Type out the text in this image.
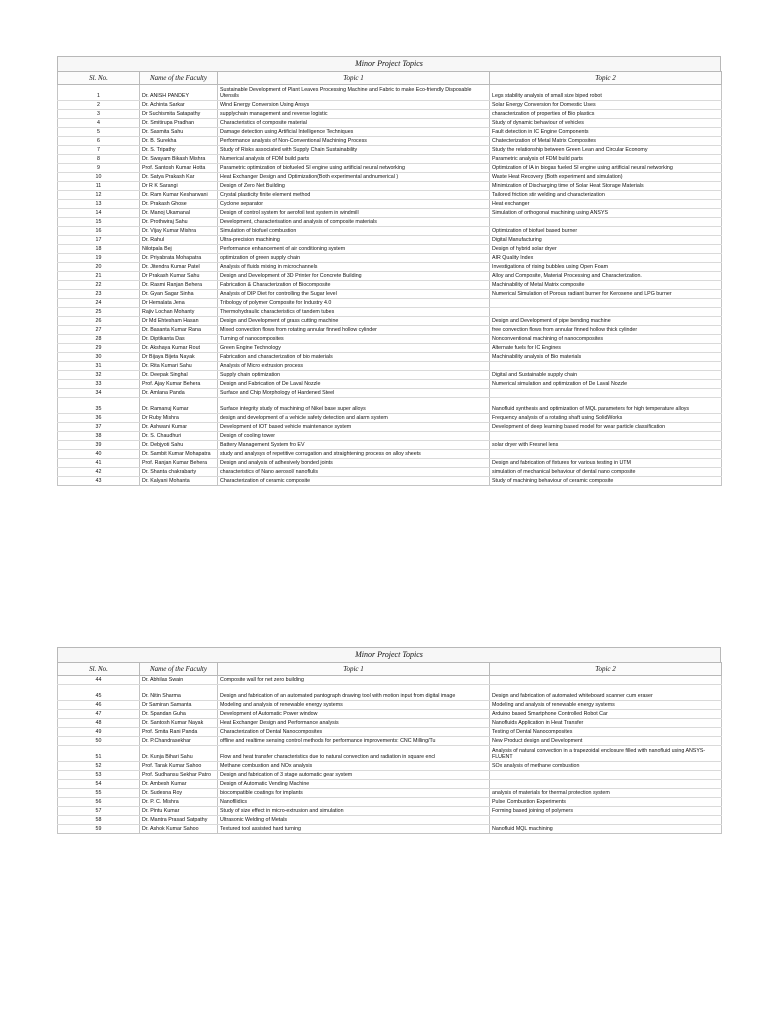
Minor Project Topics
Sl. No.	Name of the Faculty	Topic 1	Topic 2
1	Dr. ANISH PANDEY	Sustainable Development of Plant Leaves Processing Machine and Fabric to make Eco-friendly Disposable Utensils	Legs stability analysis of small size biped robot
2	Dr. Achinta Sarkar	Wind Energy Conversion Using Ansys	Solar Energy Conversion for Domestic Uses
3	Dr Suchismita Satapathy	supplychain management and reverse logistic	characterization of properties of Bio plastics
4	Dr. Smitirupa Pradhan	Characteristics of composite material	Study of dynamic behaviour of vehicles
5	Dr. Sasmita Sahu	Damage detection using Artificial Intelligence Techniques	Fault detection in IC Engine Components
6	Dr. B. Surekha	Performance analysis of Non-Conventional Machining Process	Chatecterization of Metal Matrix Composites
7	Dr. S. Tripathy	Study of Risks associated with Supply Chain Sustainability	Study the relationship between Green Lean and Circular Economy
8	Dr. Swayam Bikash Mishra	Numerical analysis of FDM build parts	Parametric analysis of FDM build parts
9	Prof. Santosh Kumar Hotta	Parametric optimization of biofueled SI engine using artificial neural networking	Optimization of IA in biogas fueled SI engine using artificial neural networking
10	Dr. Satya Prakash Kar	Heat Exchanger Design and Optimization(Both experimental andnumerical )	Waste Heat Recovery (Both experiment and simulation)
11	Dr R K Sarangi	Design of Zero Net Building	Minimization of Discharging time of Solar Heat Storage Materials
12	Dr. Ram Kumar Kesharwani	Crystal plasticity finite element method	Tailored friction stir welding and characterization
13	Dr. Prakash Ghose	Cyclone separator	Heat exchanger
14	Dr. Manoj Ukamanal	Design of control system for aerofoil test system in windmill	Simulation of orthogonal machining using ANSYS
15	Dr. Prothwiraj Sahu	Development, characterisation and analysis of composite materials	
16	Dr. Vijay Kumar Mishra	Simulation of biofuel combustion	Optimization of biofuel based burner
17	Dr. Rahul	Ultra-precision machining	Digital Manufacturing
18	Nilotpala Bej	Performance enhancement of air conditioning system	Design of hybrid solar dryer
19	Dr. Priyabrata Mohapatra	optimization of green supply chain	AIR Quality Index
20	Dr. Jitendra Kumar Patel	Analysis of fluids mixing in microchannels	Investigations of rising bubbles using Open Foam
21	Dr Prakash Kumar Sahu	Design and Development of 3D Printer for Concrete Building	Alloy and Composite, Material Processing and Characterization.
22	Dr. Rasmi Ranjan Behera	Fabrication & Characterization of Biocomposite	Machinability of Metal Matrix composite
23	Dr. Gyan Sagar Sinha	Analysis of DIP Diet for controlling the Sugar level	Numerical Simulation of Porous radiant burner for Kerosene and LPG burner
24	Dr Hemalata Jena	Tribology of polymer Composite for Industry 4.0	
25	Rajiv Lochan Mohanty	Thermohydraulic characteristics of tandem tubes	
26	Dr Md Ehtesham Hasan	Design and Development of grass cutting machine	Design and Development of pipe bending machine
27	Dr. Basanta Kumar Rana	Mixed convection flows from rotating annular finned hollow cylinder	free convection flows from annular finned hollow thick cylinder
28	Dr. Diptikanta Das	Turning of nanocomposites	Nonconventional machining of nanocomposites
29	Dr. Akshaya Kumar Rout	Green Engine Technology	Alternate fuels for IC Engines
30	Dr Bijaya Bijeta Nayak	Fabrication and characterization of bio materials	Machinability analysis of Bio materials
31	Dr. Rita Kumari Sahu	Analysis of Micro extrusion process	
32	Dr. Deepak Singhal	Supply chain optimization	Digital and Sustainable supply chain
33	Prof. Ajay Kumar Behera	Design and Fabrication of De Laval Nozzle	Numerical simulation and optimization of De Laval Nozzle
34	Dr. Amlana Panda	Surface and Chip Morphology of Hardened Steel	
35	Dr. Ramanuj Kumar	Surface integrity study of machining of Nikel base super alloys	Nanofluid synthesis and optimization of MQL parameters for high temperature alloys
36	Dr Ruby Mishra	design and development of a vehicle safety detection and alarm system	Frequency analysis of a rotating shaft using SolidWorks
37	Dr. Ashwani Kumar	Development of IOT based vehicle maintenance system	Development of deep learning based model for wear particle classification
38	Dr. S. Chaudhuri	Design of cooling tower	
39	Dr. Debjyoti Sahu	Battery Management System fro EV	solar dryer with Fresnel lens
40	Dr. Sambit Kumar Mohapatra	study and analysys of repetitive corrugation and straightening process on alloy sheets	
41	Prof. Ranjan Kumar Behera	Design and analysis of adhesively bonded joints	Design and fabrication of fixtures for various testing in UTM
42	Dr. Shanta chakrabarty	characteristics of Nano aerosol/ nanoflulis	simulation of mechanical behaviour of dental nano composite
43	Dr. Kalyani Mohanta	Characterization of ceramic composite	Study of machining behaviour of ceramic composite
Minor Project Topics
Sl. No.	Name of the Faculty	Topic 1	Topic 2
44	Dr. Abhilas Swain	Composite wall for net zero building	
45	Dr. Nitin Sharma	Design and fabrication of an automated pantograph drawing tool with motion input from digital image	Design and fabrication of automated whiteboard scanner cum eraser
46	Dr Samiran Samanta	Modeling and analysis of renewable energy systems	Modeling and analysis of renewable energy systems
47	Dr. Spandan Guha	Development of Automatic Power window	Arduino based Smartphone Controlled Robot Car
48	Dr. Santosh Kumar Nayak	Heat Exchanger Design and Performance analysis	Nanofluids Application in Heat Transfer
49	Prof. Smita Rani Panda	Characterization of Dental Nanocomposites	Testing of Dental Nanocomposites
50	Dr. P.Chandrasekhar	offline and realtime sensing control methods for performance improvements: CNC Milling/Tu	New Product design and Development
51	Dr. Kunja Bihari Sahu	Flow and heat transfer characteristics due to natural convection and radiation in square encl	Analysis of natural convection in a trapezoidal enclosure filled with nanofluid using ANSYS-FLUENT
52	Prof. Tarak Kumar Sahoo	Methane combustion and NOx analysis	SOx analysis of methane combustion
53	Prof. Sudhansu Sekhar Patro	Design and fabrication of 3 stage automatic gear system	
54	Dr. Ambesh Kumar	Design of Automatic Vending Machine	
55	Dr. Sudesna Roy	biocompatible coatings for implants	analysis of materials for thermal protection system
56	Dr. P. C. Mishra	Nanofllidics	Pulse Combustion Experiments
57	Dr. Pintu Kumar	Study of size effect in micro-extrusion and simulation	Forming based joining of polymers
58	Dr. Mantra Prasad Satpathy	Ultrasonic Welding of Metals	
59	Dr. Ashok Kumar Sahoo	Textured tool assisted hard turning	Nanofluid MQL machining
